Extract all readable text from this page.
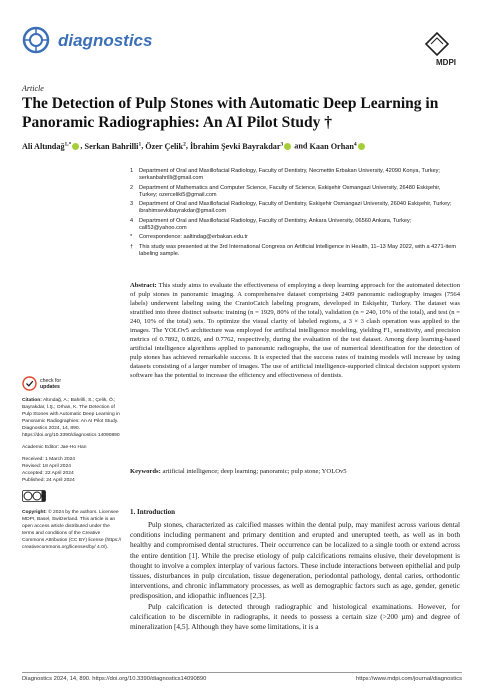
diagnostics
MDPI
Article
The Detection of Pulp Stones with Automatic Deep Learning in Panoramic Radiographies: An AI Pilot Study †
Ali Altındağ$^{1,*}$ , Serkan Bahrilli$^1$, Özer Çelik$^2$, İbrahim Şevki Bayrakdar$^3$ and Kaan Orhan$^4$
1 Department of Oral and Maxillofacial Radiology, Faculty of Dentistry, Necmettin Erbakan University, 42090 Konya, Turkey; serkanbahrilli@gmail.com
2 Department of Mathematics and Computer Science, Faculty of Science, Eskişehir Osmangazi University, 26480 Eskişehir, Turkey; ozerceliki5@gmail.com
3 Department of Oral and Maxillofacial Radiology, Faculty of Dentistry, Eskişehir Osmangazi University, 26040 Eskişehir, Turkey; ibrahimsevkibayrakdar@gmail.com
4 Department of Oral and Maxillofacial Radiology, Faculty of Dentistry, Ankara University, 06560 Ankara, Turkey; call53@yahoo.com
* Correspondence: aaltindag@erbakan.edu.tr
† This study was presented at the 3rd International Congress on Artificial Intelligence in Health, 11–13 May 2022, with a 4271-item labeling sample.
check for
updates
Citation: Altındağ, A.; Bahrilli, S.; Çelik, Ö.; Bayrakdar, İ.Ş.; Orhan, K. The Detection of Pulp Stones with Automatic Deep Learning in Panoramic Radiographies: An AI Pilot Study. Diagnostics 2024, 14, 890. https://doi.org/10.3390/diagnostics 14090890
Academic Editor: Jae-Ho Han
Received: 1 March 2024
Revised: 18 April 2024
Accepted: 22 April 2024
Published: 24 April 2024
Copyright: © 2024 by the authors. Licensee MDPI, Basel, Switzerland. This article is an open access article distributed under the terms and conditions of the Creative Commons Attribution (CC BY) license (https:// creativecommons.org/licenses/by/ 4.0/).
Abstract: This study aims to evaluate the effectiveness of employing a deep learning approach for the automated detection of pulp stones in panoramic imaging. A comprehensive dataset comprising 2409 panoramic radiography images (7564 labels) underwent labeling using the CranioCatch labeling program, developed in Eskişehir, Turkey. The dataset was stratified into three distinct subsets: training (n = 1929, 80% of the total), validation (n = 240, 10% of the total), and test (n = 240, 10% of the total) sets. To optimize the visual clarity of labeled regions, a 3 × 3 clash operation was applied to the images. The YOLOv5 architecture was employed for artificial intelligence modeling, yielding F1, sensitivity, and precision metrics of 0.7892, 0.8026, and 0.7762, respectively, during the evaluation of the test dataset. Among deep learning-based artificial intelligence algorithms applied to panoramic radiographs, the use of numerical identification for the detection of pulp stones has achieved remarkable success. It is expected that the success rates of training models will increase by using datasets consisting of a larger number of images. The use of artificial intelligence-supported clinical decision support system software has the potential to increase the efficiency and effectiveness of dentists.
Keywords: artificial intelligence; deep learning; panoramic; pulp stone; YOLOv5
1. Introduction

Pulp stones, characterized as calcified masses within the dental pulp, may manifest across various dental conditions including permanent and primary dentition and erupted and unerupted teeth, as well as in both healthy and compromised dental structures. Their occurrence can be localized to a single tooth or extend across the entire dentition [1]. While the precise etiology of pulp calcifications remains elusive, their development is thought to involve a complex interplay of various factors. These include interactions between epithelial and pulp tissues, disturbances in pulp circulation, tissue degeneration, periodontal pathology, dental caries, orthodontic interventions, and chronic inflammatory processes, as well as demographic factors such as age, gender, genetic predisposition, and idiopathic influences [2,3].

Pulp calcification is detected through radiographic and histological examinations. However, for calcification to be discernible in radiographs, it needs to possess a certain size (>200 µm) and degree of mineralization [4,5]. Although they have some limitations, it is a

Diagnostics 2024, 14, 890. https://doi.org/10.3390/diagnostics14090890	https://www.mdpi.com/journal/diagnostics
